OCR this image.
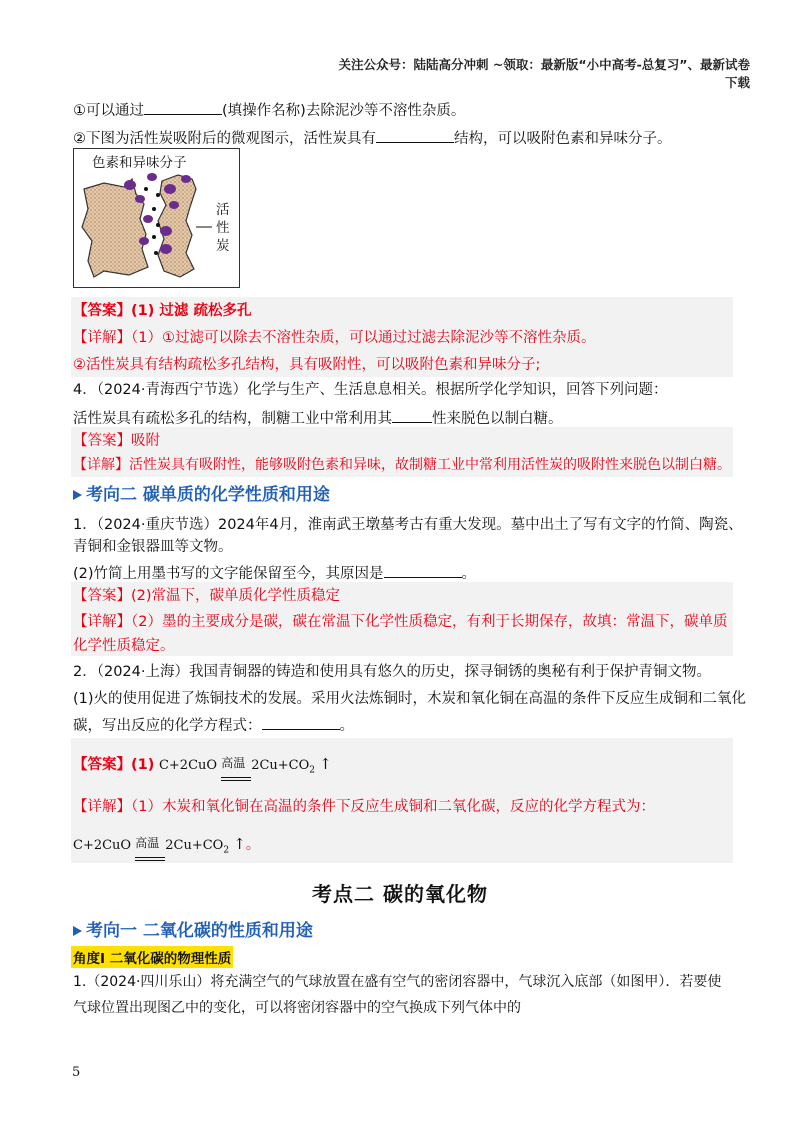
关注公众号：陆陆高分冲刺 ~领取：最新版“小中高考-总复习”、最新试卷下载
①可以通过	(填操作名称)去除泥沙等不溶性杂质。
②下图为活性炭吸附后的微观图示，活性炭具有	结构，可以吸附色素和异味分子。
色素和异味分子
活
性
炭
【答案】(1) 过滤 疏松多孔
【详解】（1）①过滤可以除去不溶性杂质，可以通过过滤去除泥沙等不溶性杂质。
②活性炭具有结构疏松多孔结构，具有吸附性，可以吸附色素和异味分子;
4．（2024·青海西宁节选）化学与生产、生活息息相关。根据所学化学知识，回答下列问题：
活性炭具有疏松多孔的结构，制糖工业中常利用其	性来脱色以制白糖。
【答案】吸附
【详解】活性炭具有吸附性，能够吸附色素和异味，故制糖工业中常利用活性炭的吸附性来脱色以制白糖。
考向二 碳单质的化学性质和用途
1．（2024·重庆节选）2024年4月，淮南武王墩墓考古有重大发现。墓中出土了写有文字的竹简、陶瓷、
青铜和金银器皿等文物。
(2)竹简上用墨书写的文字能保留至今，其原因是	。
【答案】(2)常温下，碳单质化学性质稳定
【详解】（2）墨的主要成分是碳，碳在常温下化学性质稳定，有利于长期保存，故填：常温下，碳单质
化学性质稳定。
2．（2024·上海）我国青铜器的铸造和使用具有悠久的历史，探寻铜锈的奥秘有利于保护青铜文物。
(1)火的使用促进了炼铜技术的发展。采用火法炼铜时，木炭和氧化铜在高温的条件下反应生成铜和二氧化
碳，写出反应的化学方程式：	。
【答案】(1) C+2CuO 高温 $2Cu+CO_2$ ↑
【详解】（1）木炭和氧化铜在高温的条件下反应生成铜和二氧化碳，反应的化学方程式为：
C+2CuO 高温 $2Cu+CO_2$ ↑。
考点二 碳的氧化物
考向一 二氧化碳的性质和用途
角度Ⅰ 二氧化碳的物理性质
1.（2024·四川乐山）将充满空气的气球放置在盛有空气的密闭容器中，气球沉入底部（如图甲）．若要使
气球位置出现图乙中的变化，可以将密闭容器中的空气换成下列气体中的
5
